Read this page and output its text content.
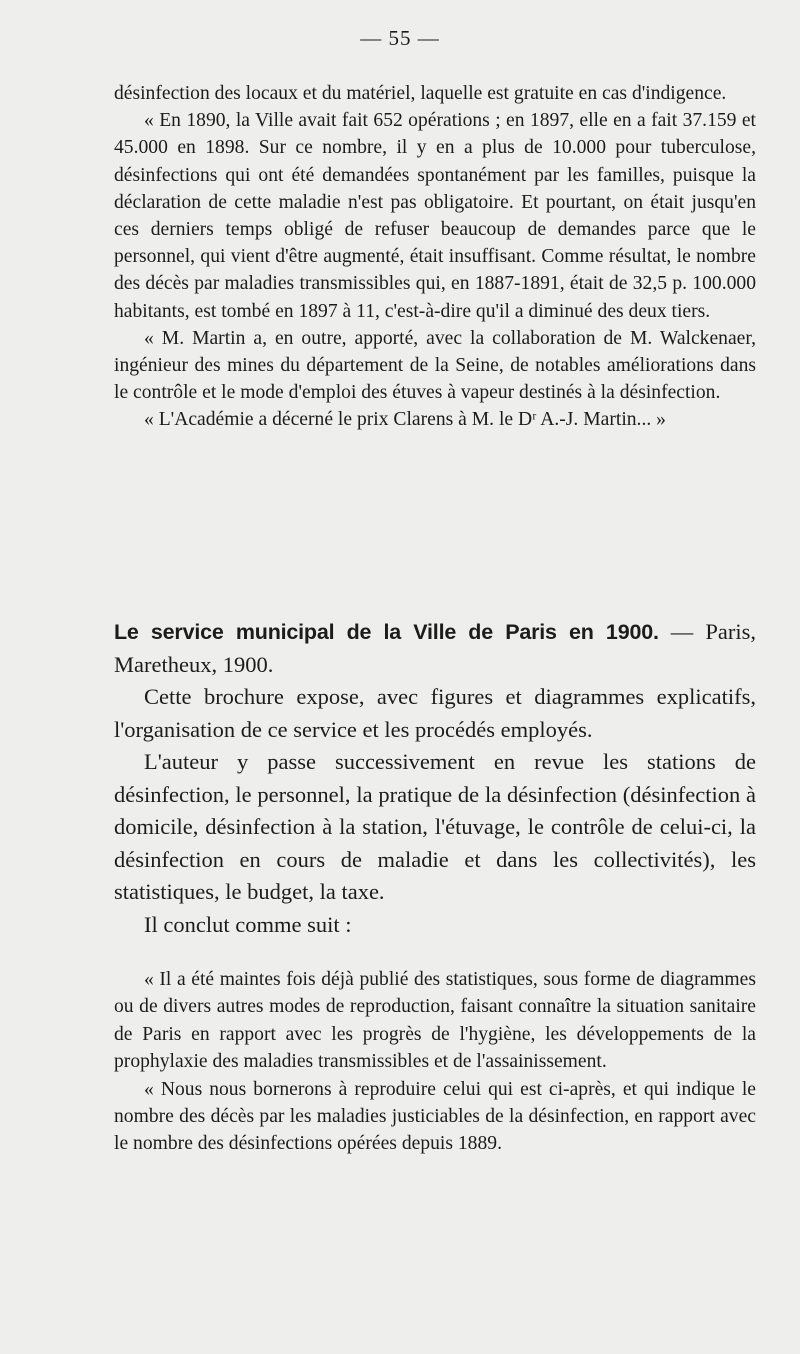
— 55 —

désinfection des locaux et du matériel, laquelle est gratuite en cas d'indigence.

« En 1890, la Ville avait fait 652 opérations ; en 1897, elle en a fait 37.159 et 45.000 en 1898. Sur ce nombre, il y en a plus de 10.000 pour tuberculose, désinfections qui ont été demandées spontanément par les familles, puisque la déclaration de cette maladie n'est pas obligatoire. Et pourtant, on était jusqu'en ces derniers temps obligé de refuser beaucoup de demandes parce que le personnel, qui vient d'être augmenté, était insuffisant. Comme résultat, le nombre des décès par maladies transmissibles qui, en 1887-1891, était de 32,5 p. 100.000 habitants, est tombé en 1897 à 11, c'est-à-dire qu'il a diminué des deux tiers.

« M. Martin a, en outre, apporté, avec la collaboration de M. Walckenaer, ingénieur des mines du département de la Seine, de notables améliorations dans le contrôle et le mode d'emploi des étuves à vapeur destinés à la désinfection.

« L'Académie a décerné le prix Clarens à M. le Dʳ A.-J. Martin... »

Le service municipal de la Ville de Paris en 1900. — Paris, Maretheux, 1900.

Cette brochure expose, avec figures et diagrammes explicatifs, l'organisation de ce service et les procédés employés.

L'auteur y passe successivement en revue les stations de désinfection, le personnel, la pratique de la désinfection (désinfection à domicile, désinfection à la station, l'étuvage, le contrôle de celui-ci, la désinfection en cours de maladie et dans les collectivités), les statistiques, le budget, la taxe.

Il conclut comme suit :

« Il a été maintes fois déjà publié des statistiques, sous forme de diagrammes ou de divers autres modes de reproduction, faisant connaître la situation sanitaire de Paris en rapport avec les progrès de l'hygiène, les développements de la prophylaxie des maladies transmissibles et de l'assainissement.

« Nous nous bornerons à reproduire celui qui est ci-après, et qui indique le nombre des décès par les maladies justiciables de la désinfection, en rapport avec le nombre des désinfections opérées depuis 1889.
